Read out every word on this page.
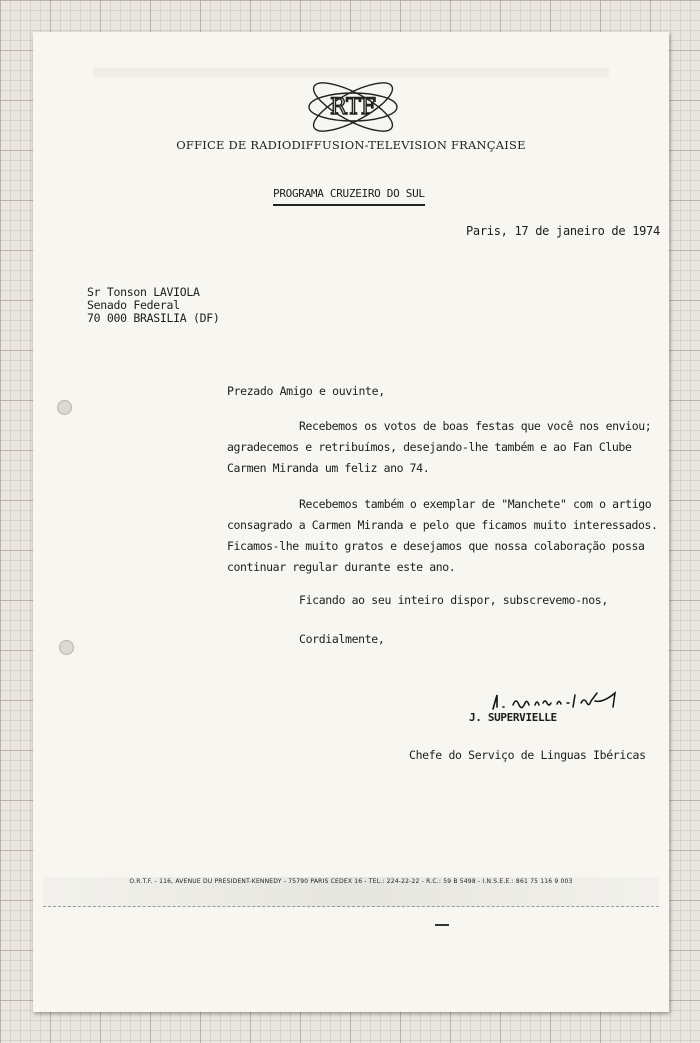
RTF
OFFICE DE RADIODIFFUSION-TELEVISION FRANÇAISE
PROGRAMA CRUZEIRO DO SUL
Paris, 17 de janeiro de 1974
Sr Tonson LAVIOLA
Senado Federal
70 000 BRASILIA (DF)
Prezado Amigo e ouvinte,
Recebemos os votos de boas festas que você nos enviou;
agradecemos e retribuímos, desejando-lhe também e ao Fan Clube
Carmen Miranda um feliz ano 74.
Recebemos também o exemplar de "Manchete" com o artigo
consagrado a Carmen Miranda e pelo que ficamos muito interessados.
Ficamos-lhe muito gratos e desejamos que nossa colaboração possa
continuar regular durante este ano.
Ficando ao seu inteiro dispor, subscrevemo-nos,
Cordialmente,
J. SUPERVIELLE
Chefe do Serviço de Linguas Ibéricas
O.R.T.F. - 116, AVENUE DU PRESIDENT-KENNEDY - 75790 PARIS CEDEX 16 - TEL.: 224-22-22 - R.C.: 59 B 5498 - I.N.S.E.E.: 861 75 116 9 003
